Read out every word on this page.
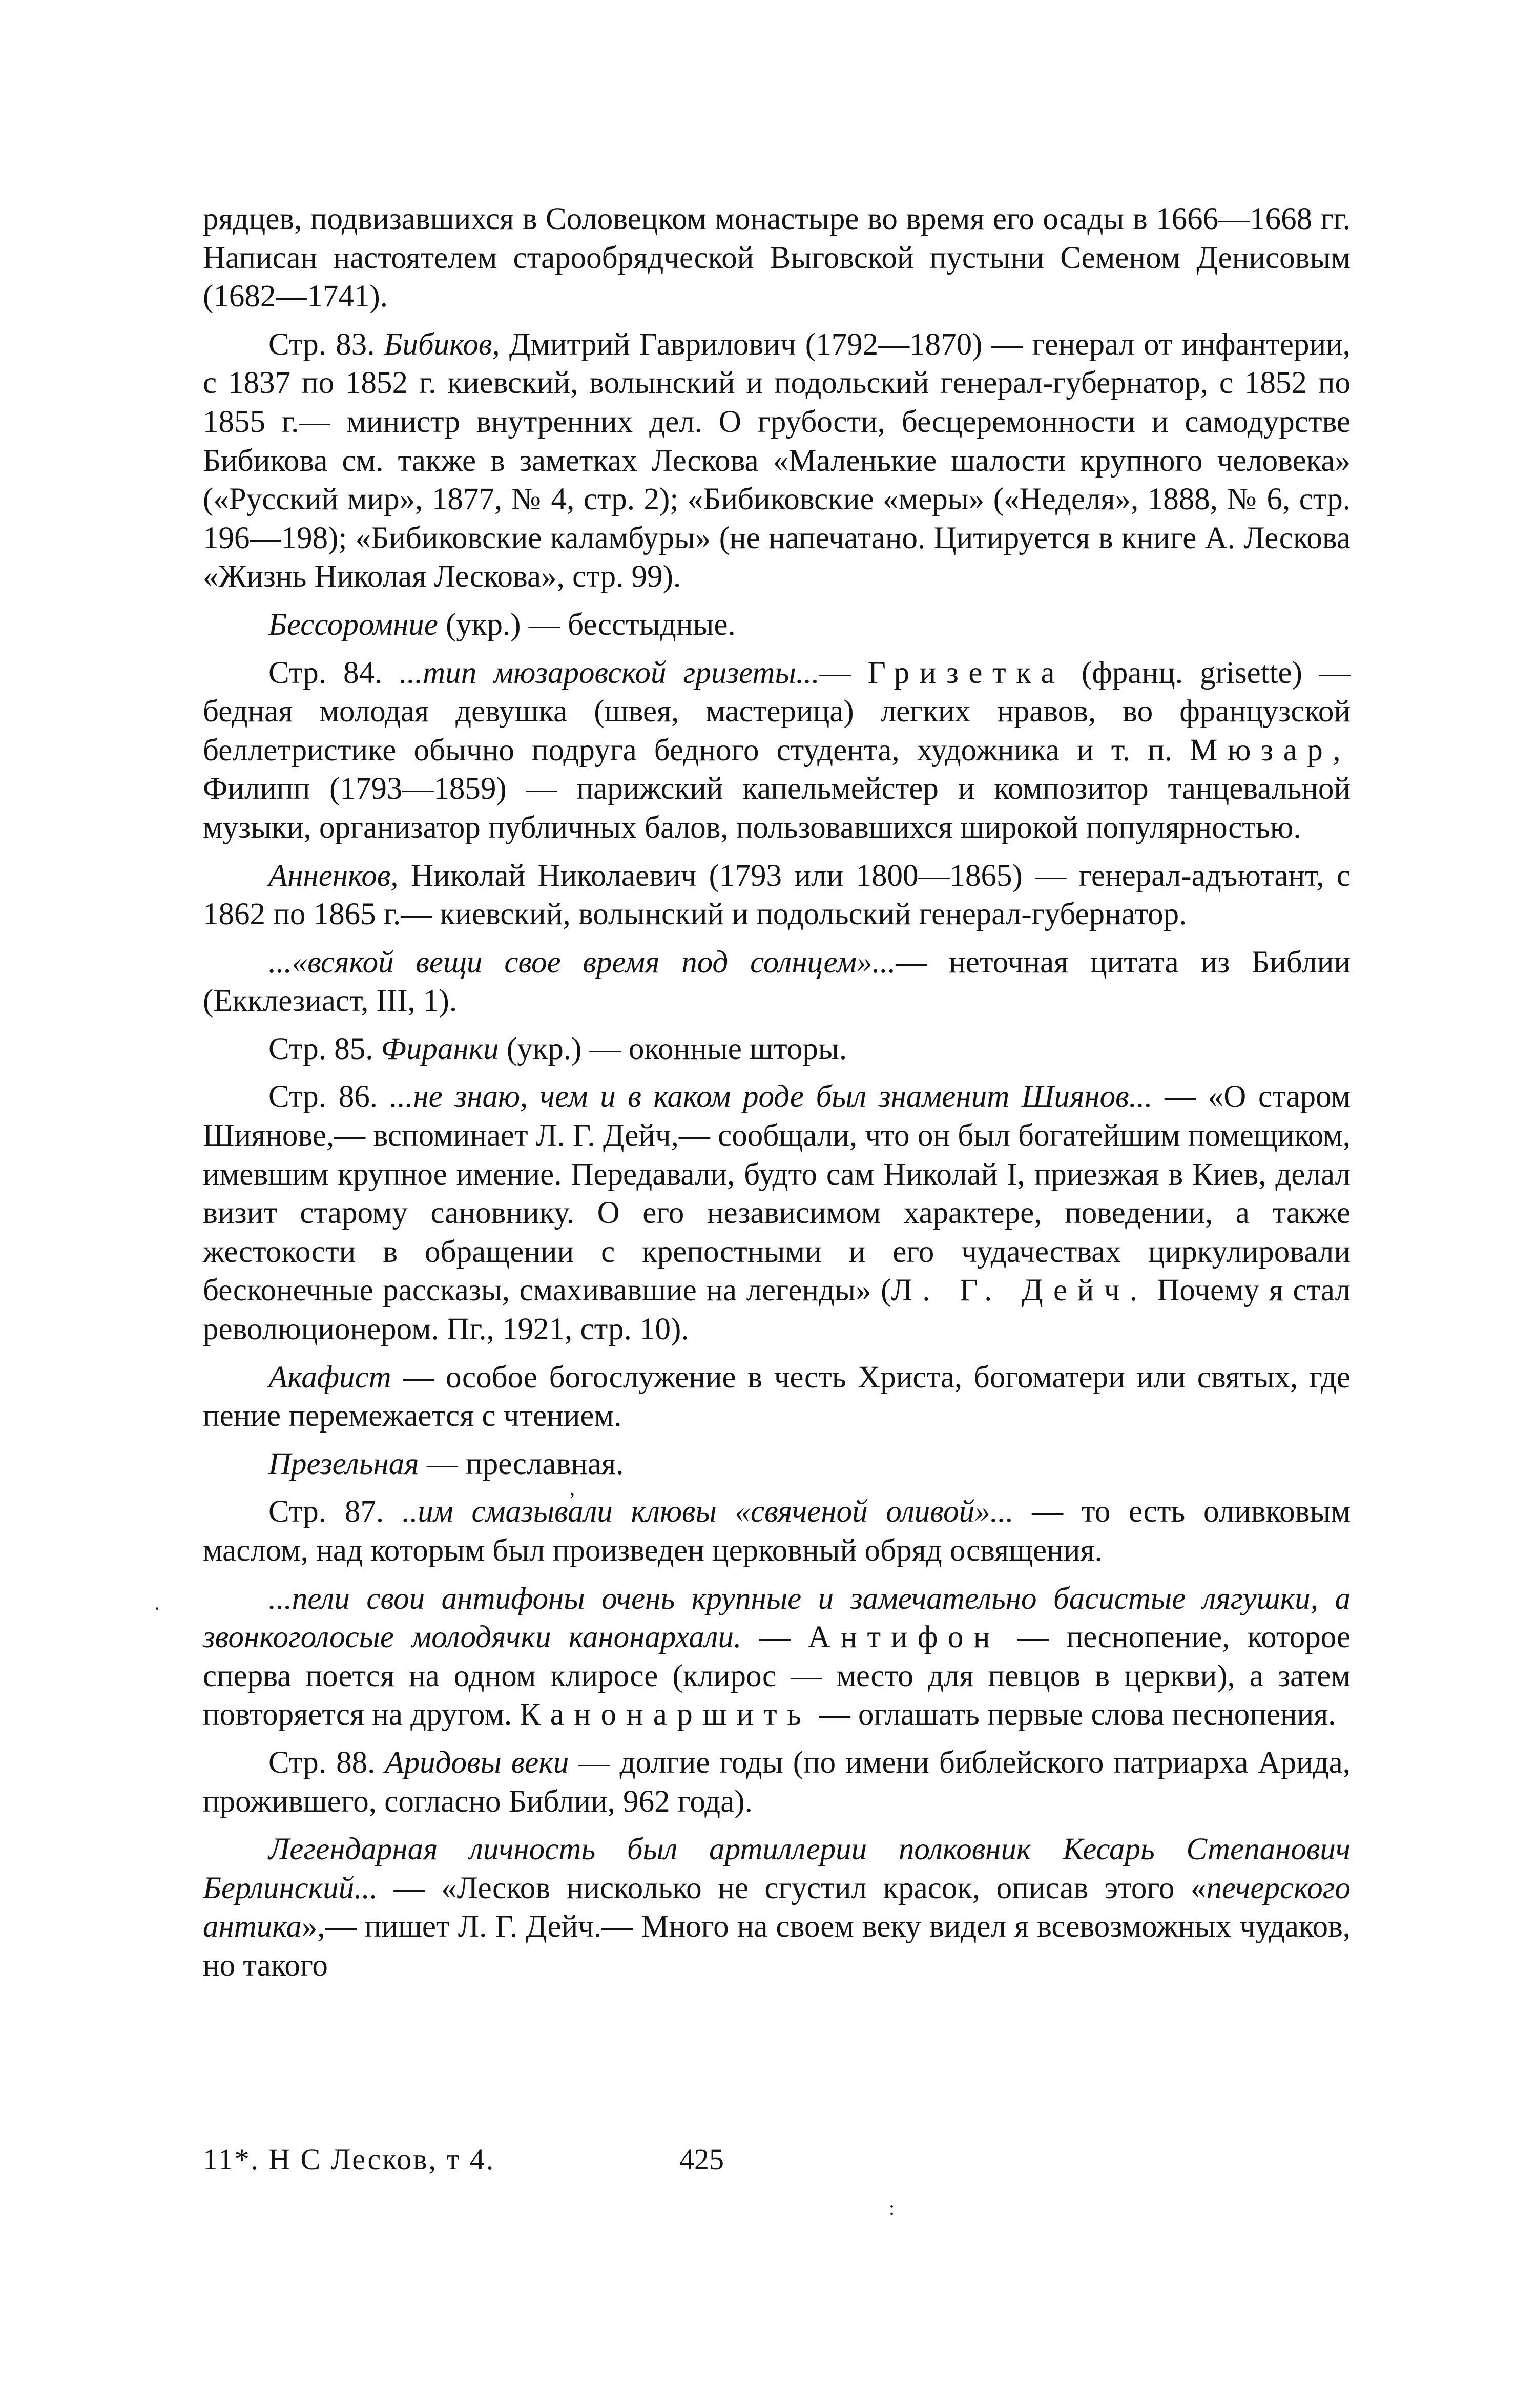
рядцев, подвизавшихся в Соловецком монастыре во время его осады в 1666—1668 гг. Написан настоятелем старообрядческой Выговской пустыни Семеном Денисовым (1682—1741).

Стр. 83. Бибиков, Дмитрий Гаврилович (1792—1870) — генерал от инфантерии, с 1837 по 1852 г. киевский, волынский и подольский генерал-губернатор, с 1852 по 1855 г.— министр внутренних дел. О грубости, бесцеремонности и самодурстве Бибикова см. также в заметках Лескова «Маленькие шалости крупного человека» («Русский мир», 1877, № 4, стр. 2); «Бибиковские «меры» («Неделя», 1888, № 6, стр. 196—198); «Бибиковские каламбуры» (не напечатано. Цитируется в книге А. Лескова «Жизнь Николая Лескова», стр. 99).

Бессоромние (укр.) — бесстыдные.

Стр. 84. ...тип мюзаровской гризеты...— Гризетка (франц. grisette) — бедная молодая девушка (швея, мастерица) легких нравов, во французской беллетристике обычно подруга бедного студента, художника и т. п. Мюзар, Филипп (1793—1859) — парижский капельмейстер и композитор танцевальной музыки, организатор публичных балов, пользовавшихся широкой популярностью.

Анненков, Николай Николаевич (1793 или 1800—1865) — генерал-адъютант, с 1862 по 1865 г.— киевский, волынский и подольский генерал-губернатор.

...«всякой вещи свое время под солнцем»...— неточная цитата из Библии (Екклезиаст, III, 1).

Стр. 85. Фиранки (укр.) — оконные шторы.

Стр. 86. ...не знаю, чем и в каком роде был знаменит Шиянов... — «О старом Шиянове,— вспоминает Л. Г. Дейч,— сообщали, что он был богатейшим помещиком, имевшим крупное имение. Передавали, будто сам Николай I, приезжая в Киев, делал визит старому сановнику. О его независимом характере, поведении, а также жестокости в обращении с крепостными и его чудачествах циркулировали бесконечные рассказы, смахивавшие на легенды» (Л. Г. Дейч. Почему я стал революционером. Пг., 1921, стр. 10).

Акафист — особое богослужение в честь Христа, богоматери или святых, где пение перемежается с чтением.

Презельная — преславная.

Стр. 87. ..им смазывали клювы «свяченой оливой»... — то есть оливковым маслом, над которым был произведен церковный обряд освящения.

...пели свои антифоны очень крупные и замечательно басистые лягушки, а звонкоголосые молодячки канонархали. — Антифон — песнопение, которое сперва поется на одном клиросе (клирос — место для певцов в церкви), а затем повторяется на другом. Канонаршить — оглашать первые слова песнопения.

Стр. 88. Аридовы веки — долгие годы (по имени библейского патриарха Арида, прожившего, согласно Библии, 962 года).

Легендарная личность был артиллерии полковник Кесарь Степанович Берлинский... — «Лесков нисколько не сгустил красок, описав этого «печерского антика»,— пишет Л. Г. Дейч.— Много на своем веку видел я всевозможных чудаков, но такого

11*. Н С Лесков, т 4.	425
‚
·
:
